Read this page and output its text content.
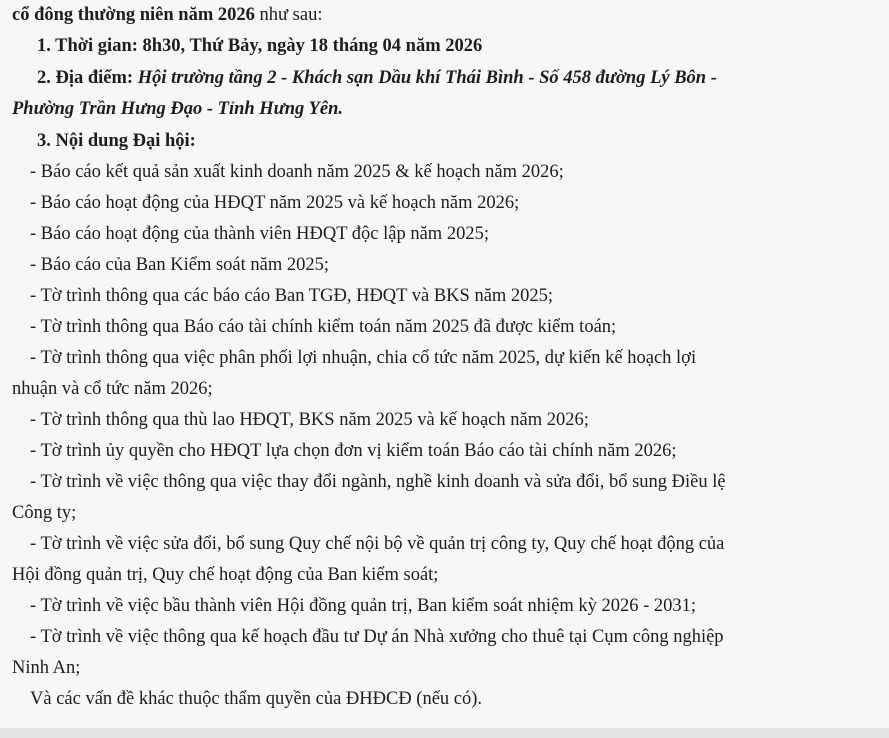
cổ đông thường niên năm 2026 như sau:

1. Thời gian: 8h30, Thứ Bảy, ngày 18 tháng 04 năm 2026

2. Địa điểm: Hội trường tầng 2 - Khách sạn Dầu khí Thái Bình - Số 458 đường Lý Bôn -

Phường Trần Hưng Đạo - Tỉnh Hưng Yên.

3. Nội dung Đại hội:

- Báo cáo kết quả sản xuất kinh doanh năm 2025 & kế hoạch năm 2026;

- Báo cáo hoạt động của HĐQT năm 2025 và kế hoạch năm 2026;

- Báo cáo hoạt động của thành viên HĐQT độc lập năm 2025;

- Báo cáo của Ban Kiểm soát năm 2025;

- Tờ trình thông qua các báo cáo Ban TGĐ, HĐQT và BKS năm 2025;

- Tờ trình thông qua Báo cáo tài chính kiểm toán năm 2025 đã được kiểm toán;

- Tờ trình thông qua việc phân phối lợi nhuận, chia cổ tức năm 2025, dự kiến kế hoạch lợi

nhuận và cổ tức năm 2026;

- Tờ trình thông qua thù lao HĐQT, BKS năm 2025 và kế hoạch năm 2026;

- Tờ trình ủy quyền cho HĐQT lựa chọn đơn vị kiểm toán Báo cáo tài chính năm 2026;

- Tờ trình về việc thông qua việc thay đổi ngành, nghề kinh doanh và sửa đổi, bổ sung Điều lệ

Công ty;

- Tờ trình về việc sửa đổi, bổ sung Quy chế nội bộ về quản trị công ty, Quy chế hoạt động của

Hội đồng quản trị, Quy chế hoạt động của Ban kiểm soát;

- Tờ trình về việc bầu thành viên Hội đồng quản trị, Ban kiểm soát nhiệm kỳ 2026 - 2031;

- Tờ trình về việc thông qua kế hoạch đầu tư Dự án Nhà xưởng cho thuê tại Cụm công nghiệp

Ninh An;

Và các vấn đề khác thuộc thẩm quyền của ĐHĐCĐ (nếu có).
